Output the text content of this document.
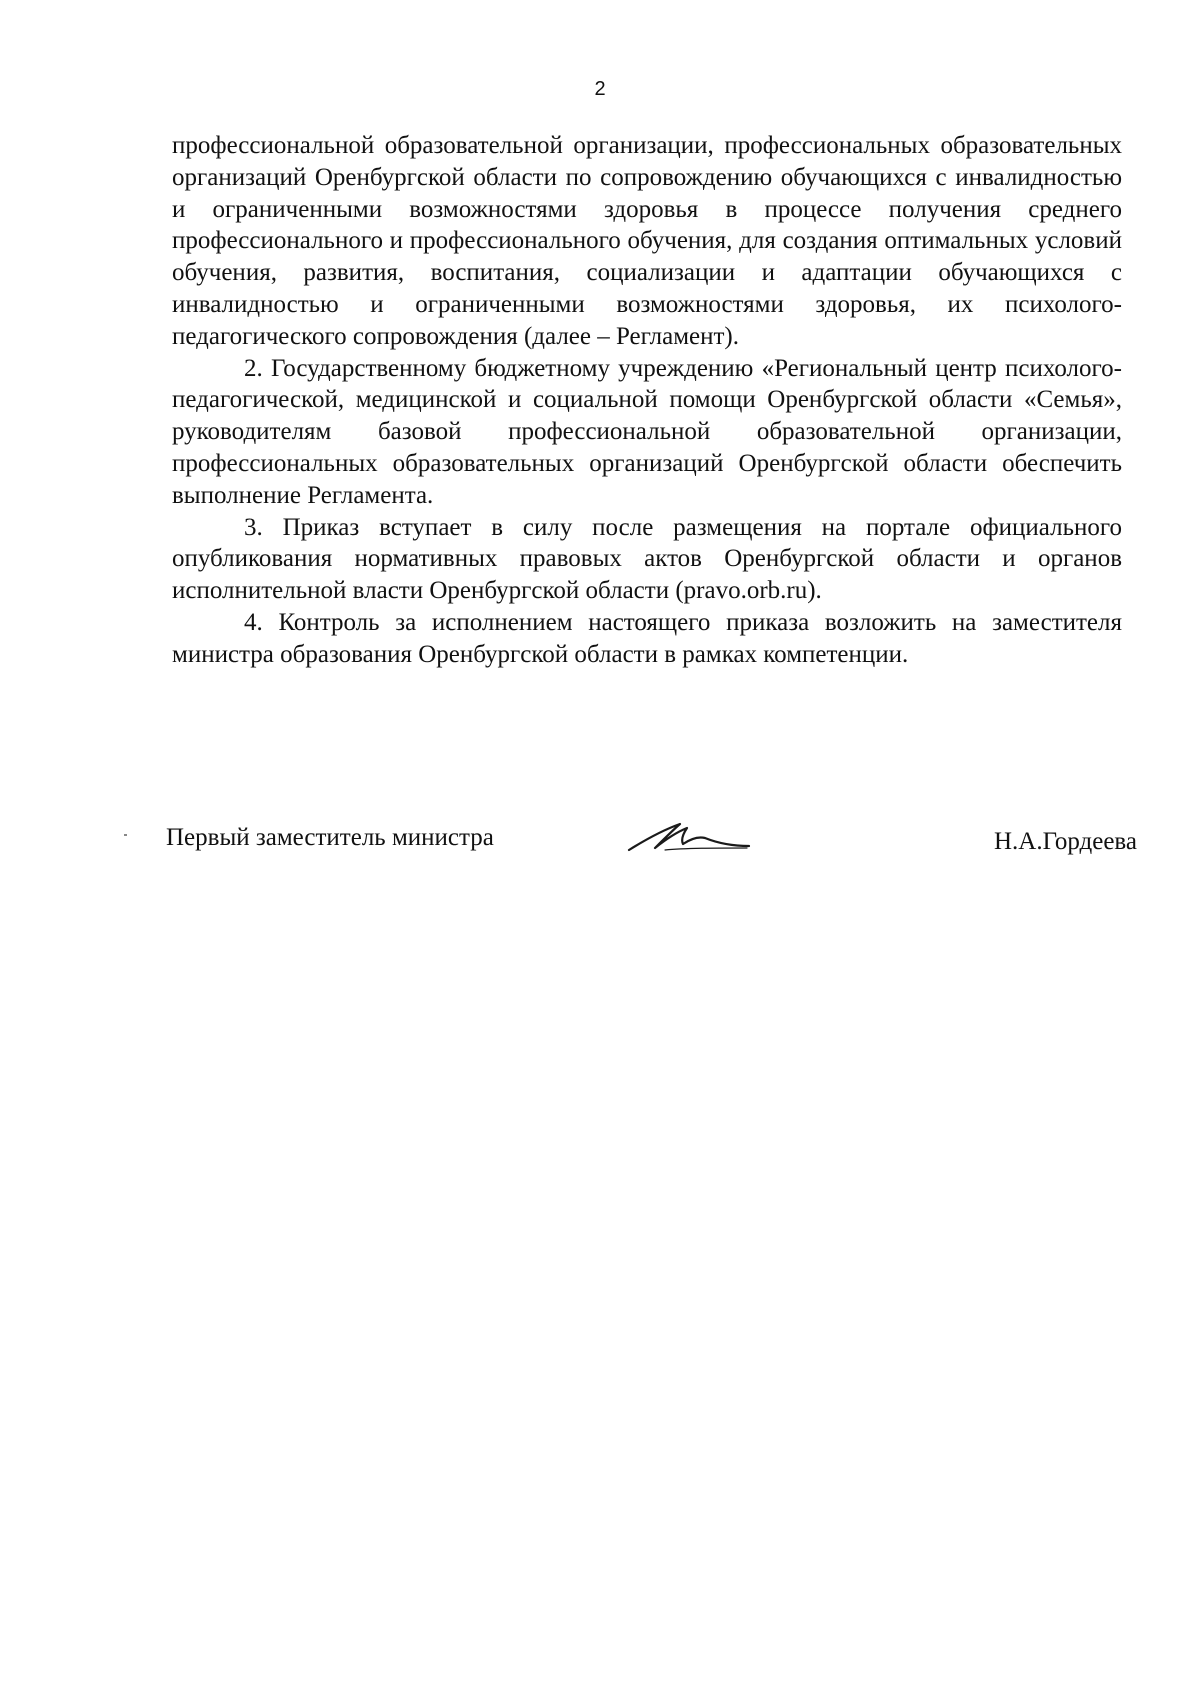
2

профессиональной образовательной организации, профессиональных образовательных организаций Оренбургской области по сопровождению обучающихся с инвалидностью и ограниченными возможностями здоровья в процессе получения среднего профессионального и профессионального обучения, для создания оптимальных условий обучения, развития, воспитания, социализации и адаптации обучающихся с инвалидностью и ограниченными возможностями здоровья, их психолого-педагогического сопровождения (далее – Регламент).

2. Государственному бюджетному учреждению «Региональный центр психолого-педагогической, медицинской и социальной помощи Оренбургской области «Семья», руководителям базовой профессиональной образовательной организации, профессиональных образовательных организаций Оренбургской области обеспечить выполнение Регламента.

3. Приказ вступает в силу после размещения на портале официального опубликования нормативных правовых актов Оренбургской области и органов исполнительной власти Оренбургской области (pravo.orb.ru).

4. Контроль за исполнением настоящего приказа возложить на заместителя министра образования Оренбургской области в рамках компетенции.

Первый заместитель министра	Н.А.Гордеева
